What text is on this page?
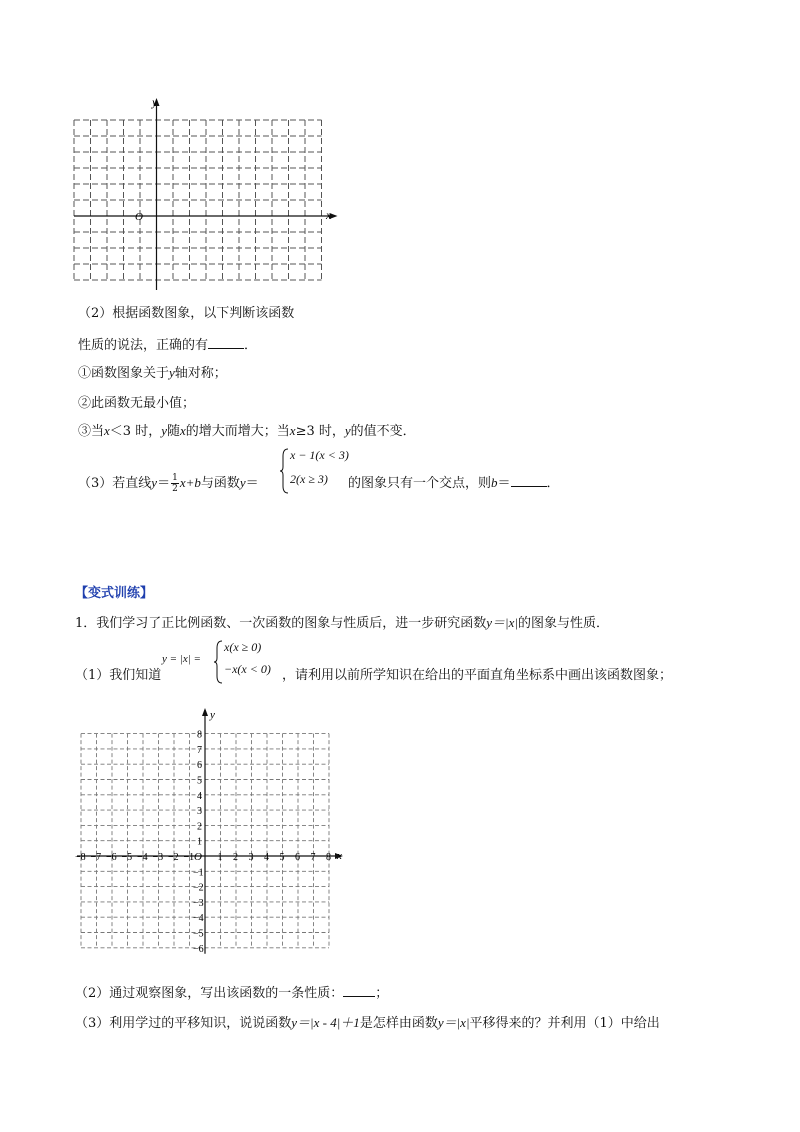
y
x
O
（2）根据函数图象，以下判断该函数
性质的说法，正确的有	．
①函数图象关于y轴对称；
②此函数无最小值；
③当x＜3 时，y随x的增大而增大；当x≥3 时，y的值不变．
（3）若直线$y= \frac{1}{2} x+b$与函数y＝
x − 1(x < 3)
2(x ≥ 3) 的图象只有一个交点，则b＝	．
【变式训练】
1．我们学习了正比例函数、一次函数的图象与性质后，进一步研究函数y＝|x|的图象与性质．
（1）我们知道
y = |x| =
x(x ≥ 0)
−x(x < 0) ，请利用以前所学知识在给出的平面直角坐标系中画出该函数图象；
−8 −7 −6 −5 −4 −3 −2 −1 1 2 3 4 5 6 7 8
1
2
3
4
5
6
7
8
−1
−2
−3
−4
−5
−6
y
x
O
（2）通过观察图象，写出该函数的一条性质： ；
（3）利用学过的平移知识，说说函数y＝|x - 4|＋1是怎样由函数y＝|x|平移得来的？并利用（1）中给出
